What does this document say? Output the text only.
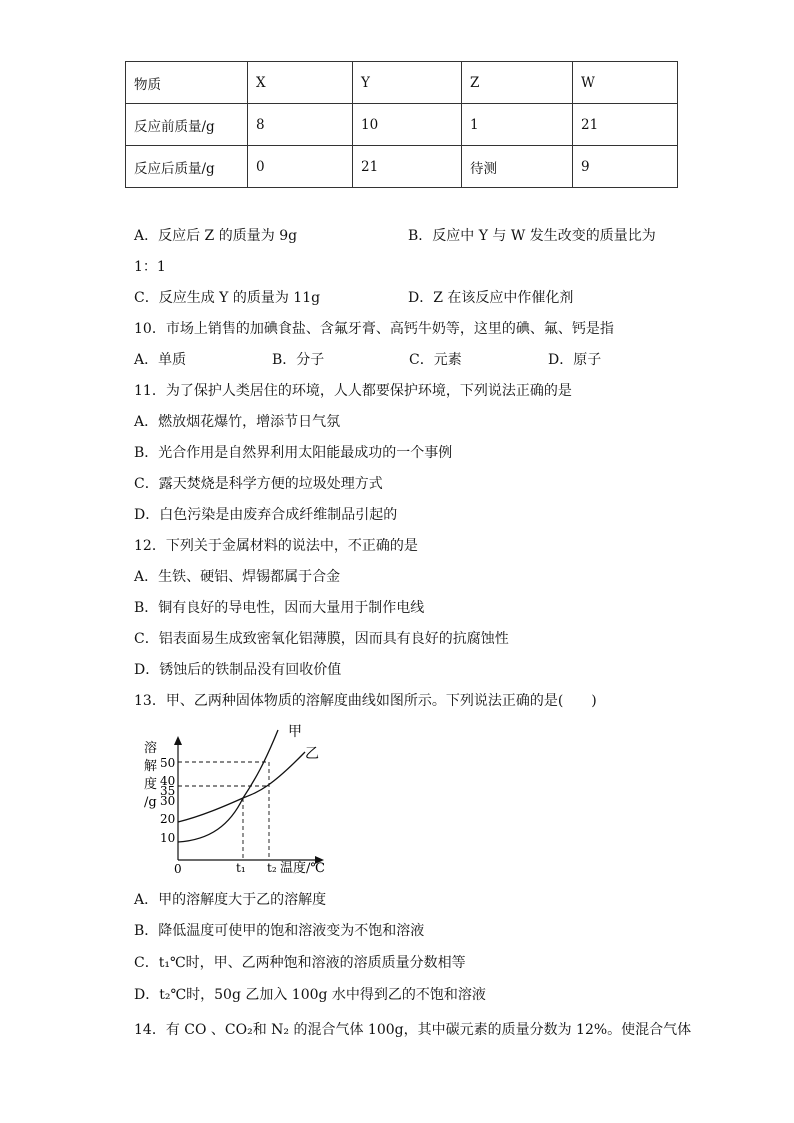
物质	X	Y	Z	W
反应前质量/g	8	10	1	21
反应后质量/g	0	21	待测	9
A．反应后 Z 的质量为 9g	B．反应中 Y 与 W 发生改变的质量比为
1：1
C．反应生成 Y 的质量为 11g	D．Z 在该反应中作催化剂
10．市场上销售的加碘食盐、含氟牙膏、高钙牛奶等，这里的碘、氟、钙是指
A．单质	B．分子	C．元素	D．原子
11．为了保护人类居住的环境，人人都要保护环境，下列说法正确的是
A．燃放烟花爆竹，增添节日气氛
B．光合作用是自然界利用太阳能最成功的一个事例
C．露天焚烧是科学方便的垃圾处理方式
D．白色污染是由废弃合成纤维制品引起的
12．下列关于金属材料的说法中，不正确的是
A．生铁、硬铝、焊锡都属于合金
B．铜有良好的导电性，因而大量用于制作电线
C．铝表面易生成致密氧化铝薄膜，因而具有良好的抗腐蚀性
D．锈蚀后的铁制品没有回收价值
13．甲、乙两种固体物质的溶解度曲线如图所示。下列说法正确的是(　　)
溶
解
度
/g
50
40
35
30
20
10
0
甲
乙
t₁ t₂ 温度/℃
A．甲的溶解度大于乙的溶解度
B．降低温度可使甲的饱和溶液变为不饱和溶液
C．t₁℃时，甲、乙两种饱和溶液的溶质质量分数相等
D．t₂℃时，50g 乙加入 100g 水中得到乙的不饱和溶液
14．有 CO 、CO₂和 N₂ 的混合气体 100g，其中碳元素的质量分数为 12%。使混合气体
